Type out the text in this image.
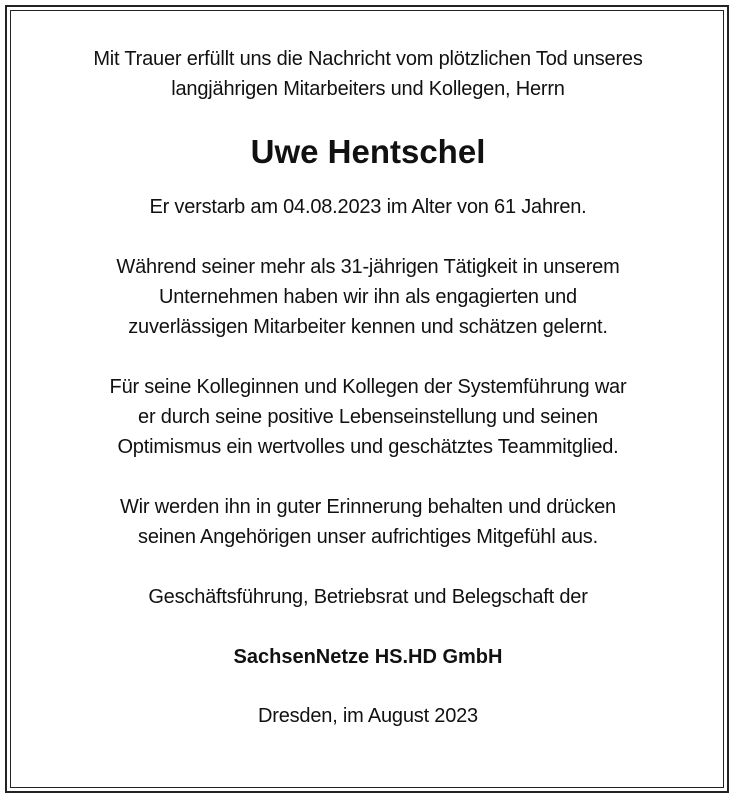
Mit Trauer erfüllt uns die Nachricht vom plötzlichen Tod unseres
langjährigen Mitarbeiters und Kollegen, Herrn

Uwe Hentschel

Er verstarb am 04.08.2023 im Alter von 61 Jahren.

Während seiner mehr als 31-jährigen Tätigkeit in unserem
Unternehmen haben wir ihn als engagierten und
zuverlässigen Mitarbeiter kennen und schätzen gelernt.

Für seine Kolleginnen und Kollegen der Systemführung war
er durch seine positive Lebenseinstellung und seinen
Optimismus ein wertvolles und geschätztes Teammitglied.

Wir werden ihn in guter Erinnerung behalten und drücken
seinen Angehörigen unser aufrichtiges Mitgefühl aus.

Geschäftsführung, Betriebsrat und Belegschaft der

SachsenNetze HS.HD GmbH

Dresden, im August 2023
